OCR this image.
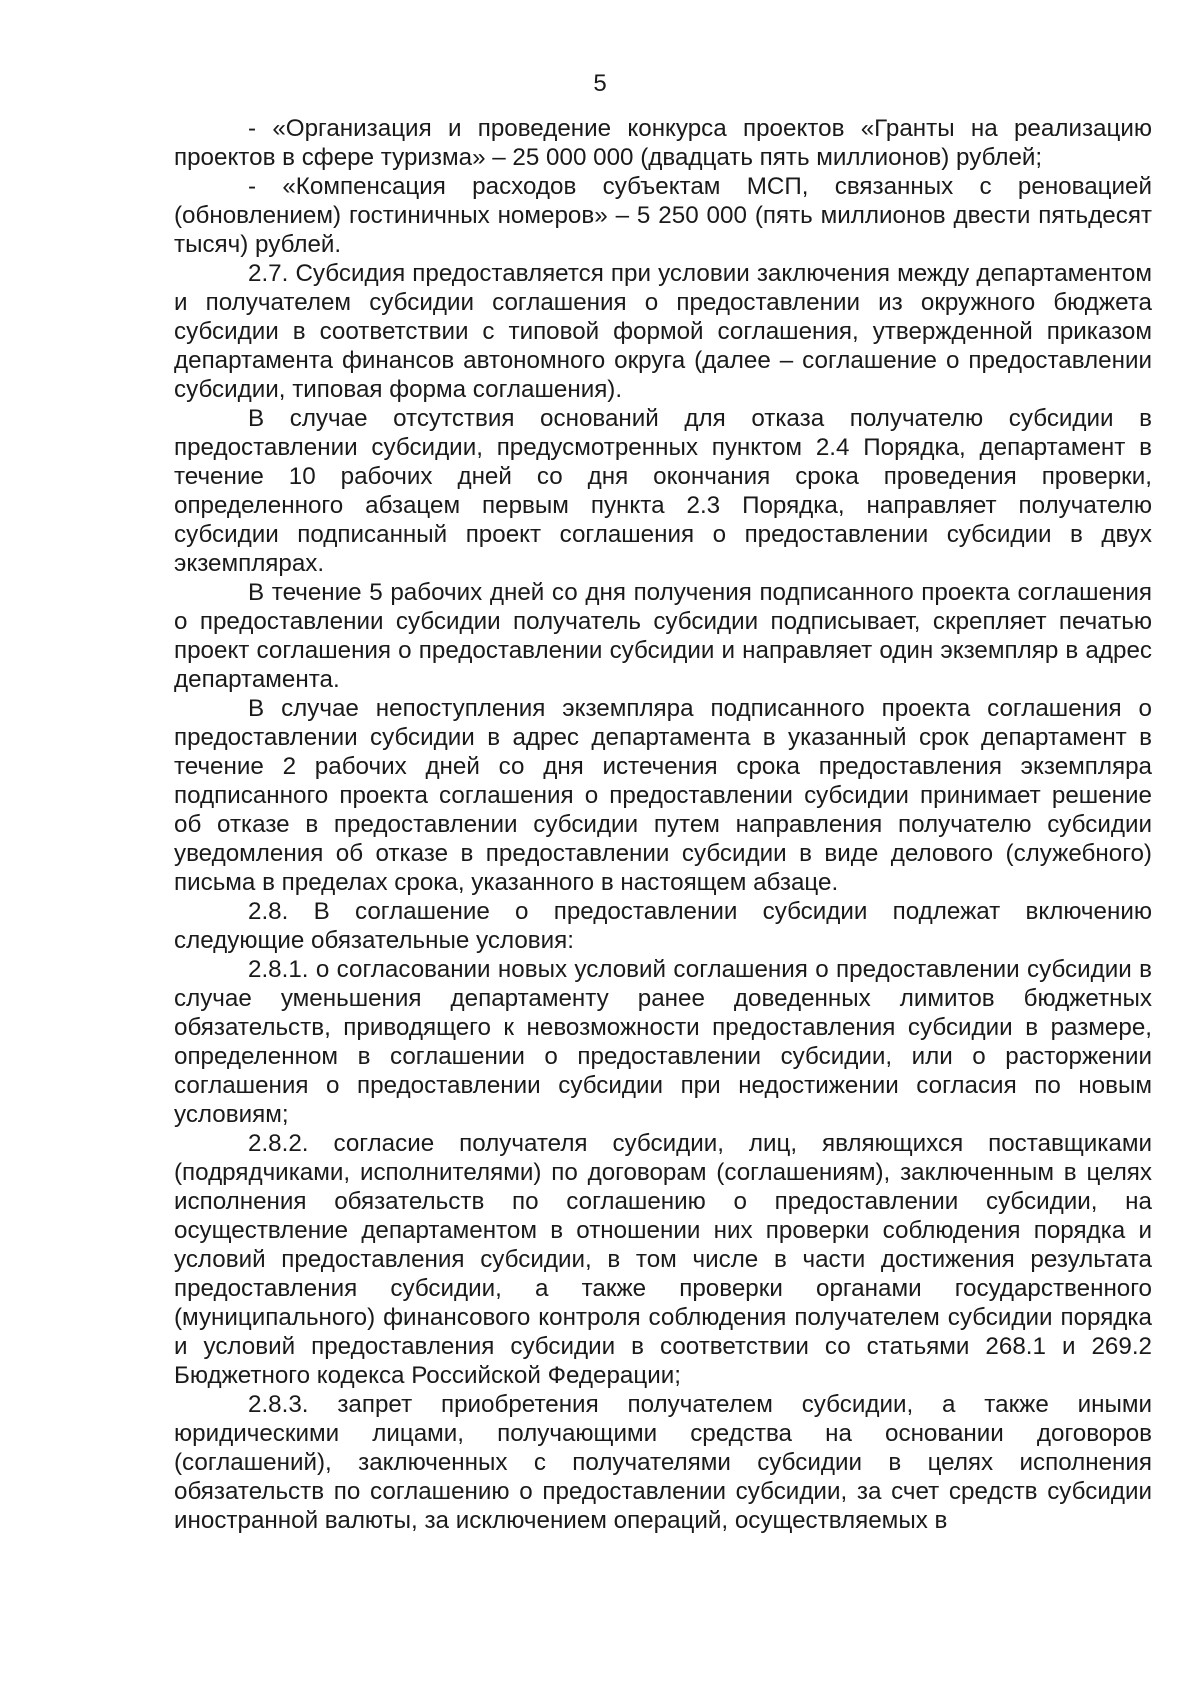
5

- «Организация и проведение конкурса проектов «Гранты на реализацию проектов в сфере туризма» – 25 000 000 (двадцать пять миллионов) рублей;

- «Компенсация расходов субъектам МСП, связанных с реновацией (обновлением) гостиничных номеров» – 5 250 000 (пять миллионов двести пятьдесят тысяч) рублей.

2.7. Субсидия предоставляется при условии заключения между департаментом и получателем субсидии соглашения о предоставлении из окружного бюджета субсидии в соответствии с типовой формой соглашения, утвержденной приказом департамента финансов автономного округа (далее – соглашение о предоставлении субсидии, типовая форма соглашения).

В случае отсутствия оснований для отказа получателю субсидии в предоставлении субсидии, предусмотренных пунктом 2.4 Порядка, департамент в течение 10 рабочих дней со дня окончания срока проведения проверки, определенного абзацем первым пункта 2.3 Порядка, направляет получателю субсидии подписанный проект соглашения о предоставлении субсидии в двух экземплярах.

В течение 5 рабочих дней со дня получения подписанного проекта соглашения о предоставлении субсидии получатель субсидии подписывает, скрепляет печатью проект соглашения о предоставлении субсидии и направляет один экземпляр в адрес департамента.

В случае непоступления экземпляра подписанного проекта соглашения о предоставлении субсидии в адрес департамента в указанный срок департамент в течение 2 рабочих дней со дня истечения срока предоставления экземпляра подписанного проекта соглашения о предоставлении субсидии принимает решение об отказе в предоставлении субсидии путем направления получателю субсидии уведомления об отказе в предоставлении субсидии в виде делового (служебного) письма в пределах срока, указанного в настоящем абзаце.

2.8. В соглашение о предоставлении субсидии подлежат включению следующие обязательные условия:

2.8.1. о согласовании новых условий соглашения о предоставлении субсидии в случае уменьшения департаменту ранее доведенных лимитов бюджетных обязательств, приводящего к невозможности предоставления субсидии в размере, определенном в соглашении о предоставлении субсидии, или о расторжении соглашения о предоставлении субсидии при недостижении согласия по новым условиям;

2.8.2. согласие получателя субсидии, лиц, являющихся поставщиками (подрядчиками, исполнителями) по договорам (соглашениям), заключенным в целях исполнения обязательств по соглашению о предоставлении субсидии, на осуществление департаментом в отношении них проверки соблюдения порядка и условий предоставления субсидии, в том числе в части достижения результата предоставления субсидии, а также проверки органами государственного (муниципального) финансового контроля соблюдения получателем субсидии порядка и условий предоставления субсидии в соответствии со статьями 268.1 и 269.2 Бюджетного кодекса Российской Федерации;

2.8.3. запрет приобретения получателем субсидии, а также иными юридическими лицами, получающими средства на основании договоров (соглашений), заключенных с получателями субсидии в целях исполнения обязательств по соглашению о предоставлении субсидии, за счет средств субсидии иностранной валюты, за исключением операций, осуществляемых в
